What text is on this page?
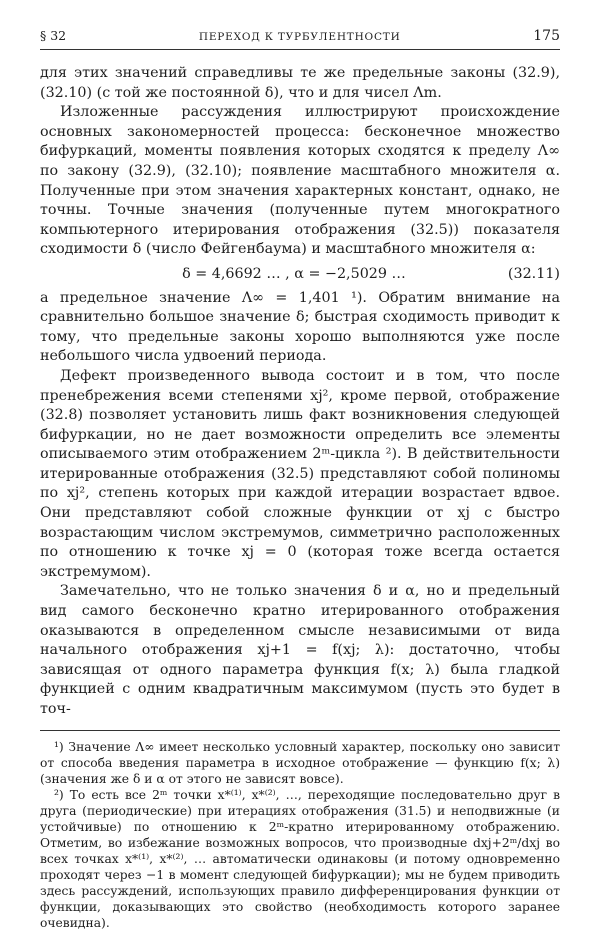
§ 32	ПЕРЕХОД К ТУРБУЛЕНТНОСТИ	175

для этих значений справедливы те же предельные законы (32.9), (32.10) (с той же постоянной δ), что и для чисел Λm.

Изложенные рассуждения иллюстрируют происхождение основных закономерностей процесса: бесконечное множество бифуркаций, моменты появления которых сходятся к пределу Λ∞ по закону (32.9), (32.10); появление масштабного множителя α. Полученные при этом значения характерных констант, однако, не точны. Точные значения (полученные путем многократного компьютерного итерирования отображения (32.5)) показателя сходимости δ (число Фейгенбаума) и масштабного множителя α:

δ = 4,6692 … , α = −2,5029 …	(32.11)

а предельное значение Λ∞ = 1,401 ¹). Обратим внимание на сравнительно большое значение δ; быстрая сходимость приводит к тому, что предельные законы хорошо выполняются уже после небольшого числа удвоений периода.

Дефект произведенного вывода состоит и в том, что после пренебрежения всеми степенями xj², кроме первой, отображение (32.8) позволяет установить лишь факт возникновения следующей бифуркации, но не дает возможности определить все элементы описываемого этим отображением 2ᵐ-цикла ²). В действительности итерированные отображения (32.5) представляют собой полиномы по xj², степень которых при каждой итерации возрастает вдвое. Они представляют собой сложные функции от xj с быстро возрастающим числом экстремумов, симметрично расположенных по отношению к точке xj = 0 (которая тоже всегда остается экстремумом).

Замечательно, что не только значения δ и α, но и предельный вид самого бесконечно кратно итерированного отображения оказываются в определенном смысле независимыми от вида начального отображения xj+1 = f(xj; λ): достаточно, чтобы зависящая от одного параметра функция f(x; λ) была гладкой функцией с одним квадратичным максимумом (пусть это будет в точ-

¹) Значение Λ∞ имеет несколько условный характер, поскольку оно зависит от способа введения параметра в исходное отображение — функцию f(x; λ) (значения же δ и α от этого не зависят вовсе).

²) То есть все 2ᵐ точки x*⁽¹⁾, x*⁽²⁾, …, переходящие последовательно друг в друга (периодические) при итерациях отображения (31.5) и неподвижные (и устойчивые) по отношению к 2ᵐ-кратно итерированному отображению. Отметим, во избежание возможных вопросов, что производные dxj+2ᵐ/dxj во всех точках x*⁽¹⁾, x*⁽²⁾, … автоматически одинаковы (и потому одновременно проходят через −1 в момент следующей бифуркации); мы не будем приводить здесь рассуждений, использующих правило дифференцирования функции от функции, доказывающих это свойство (необходимость которого заранее очевидна).
